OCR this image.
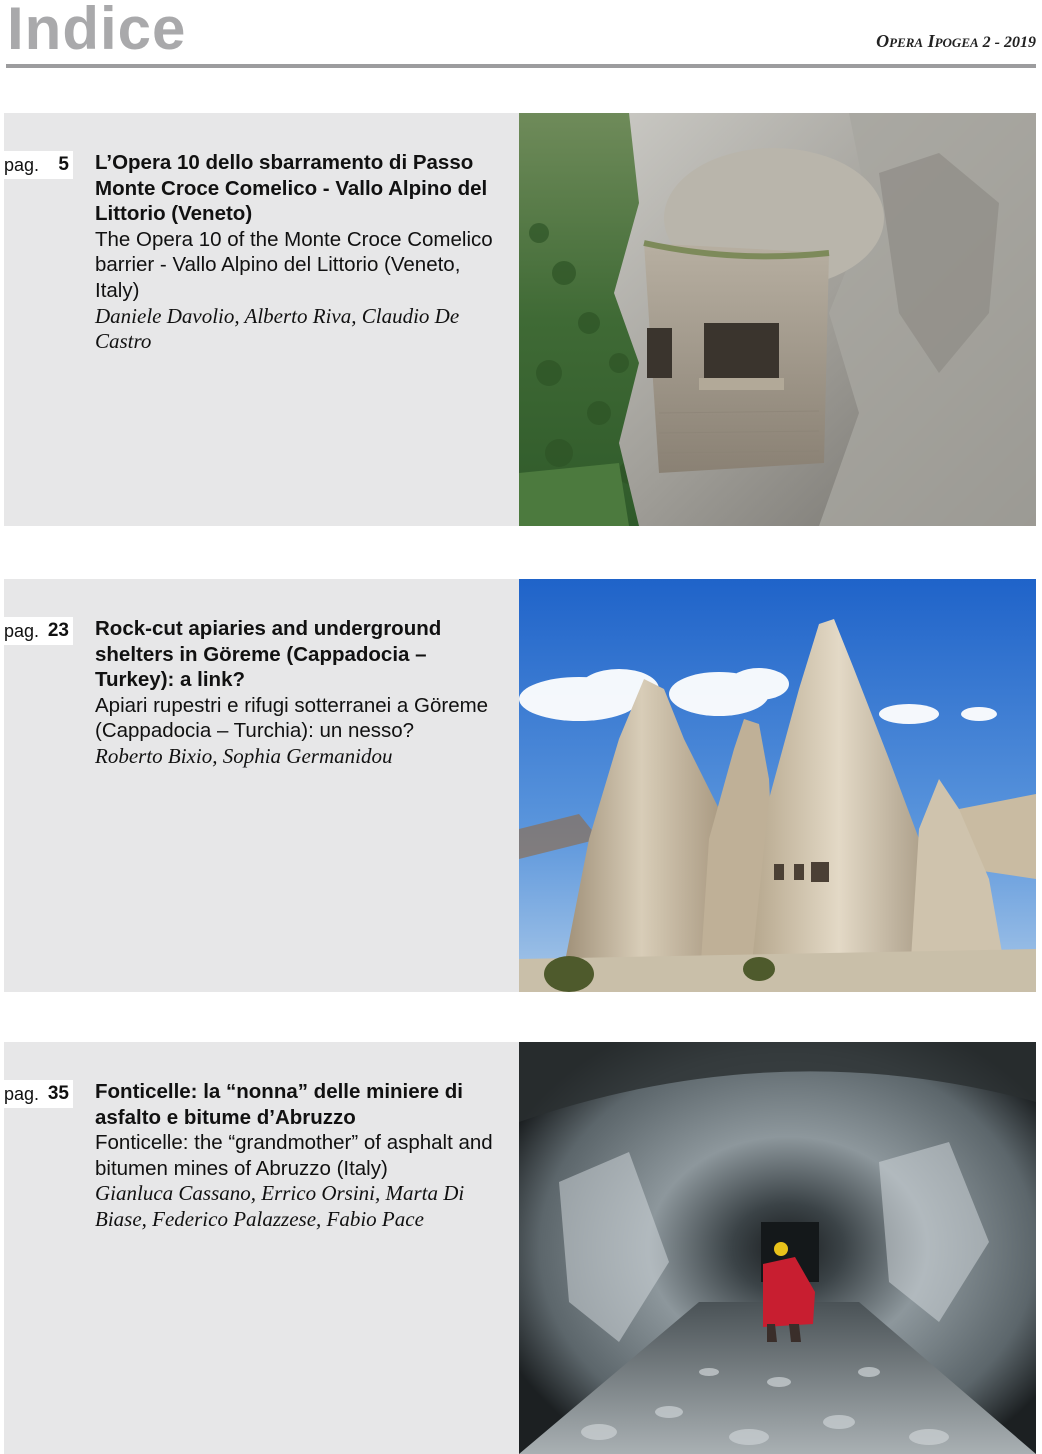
Indice	Opera Ipogea 2 - 2019
pag. 5 L’Opera 10 dello sbarramento di Passo Monte Croce Comelico - Vallo Alpino del Littorio (Veneto)

The Opera 10 of the Monte Croce Comelico barrier - Vallo Alpino del Littorio (Veneto, Italy)

Daniele Davolio, Alberto Riva, Claudio De Castro

pag. 23 Rock-cut apiaries and underground shelters in Göreme (Cappadocia – Turkey): a link?

Apiari rupestri e rifugi sotterranei a Göreme (Cappadocia – Turchia): un nesso?

Roberto Bixio, Sophia Germanidou

pag. 35 Fonticelle: la “nonna” delle miniere di asfalto e bitume d’Abruzzo

Fonticelle: the “grandmother” of asphalt and bitumen mines of Abruzzo (Italy)

Gianluca Cassano, Errico Orsini, Marta Di Biase, Federico Palazzese, Fabio Pace
